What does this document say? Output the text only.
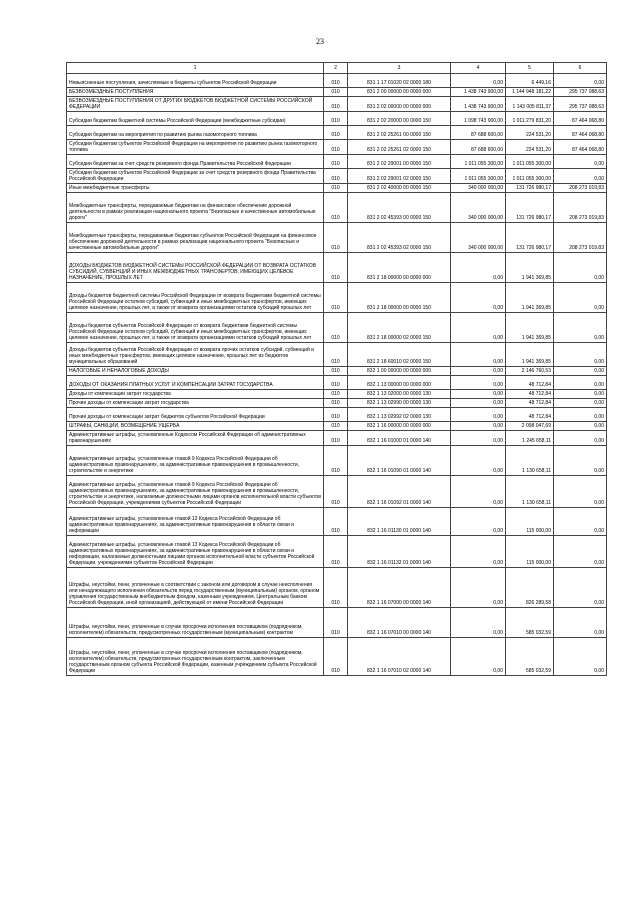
23
1	2	3	4	5	6
Невыясненные поступления, зачисляемые в бюджеты субъектов Российской Федерации	010	831 1 17 01020 02 0000 180	0,00	6 449,16	0,00
БЕЗВОЗМЕЗДНЫЕ ПОСТУПЛЕНИЯ	010	831 2 00 00000 00 0000 000	1 438 743 900,00	1 144 948 181,22	295 737 088,63
БЕЗВОЗМЕЗДНЫЕ ПОСТУПЛЕНИЯ ОТ ДРУГИХ БЮДЖЕТОВ БЮДЖЕТНОЙ СИСТЕМЫ РОССИЙСКОЙ ФЕДЕРАЦИИ	010	831 2 02 00000 00 0000 000	1 438 743 900,00	1 143 005 811,37	295 737 088,63
Субсидии бюджетам бюджетной системы Российской Федерации (межбюджетные субсидии)	010	831 2 02 20000 00 0000 150	1 098 743 900,00	1 011 279 831,20	87 464 068,80
Субсидии бюджетам на мероприятия по развитию рынка газомоторного топлива	010	831 2 02 25261 00 0000 150	87 688 600,00	224 531,20	87 464 068,80
Субсидии бюджетам субъектов Российской Федерации на мероприятия по развитию рынка газомоторного топлива	010	831 2 02 25261 02 0000 150	87 688 600,00	224 531,20	87 464 068,80
Субсидии бюджетам за счет средств резервного фонда Правительства Российской Федерации	010	831 2 02 29001 00 0000 150	1 011 055 300,00	1 011 055 300,00	0,00
Субсидии бюджетам субъектов Российской Федерации за счет средств резервного фонда Правительства Российской Федерации	010	831 2 02 29001 02 0000 150	1 011 055 300,00	1 011 055 300,00	0,00
Иные межбюджетные трансферты	010	831 2 02 40000 00 0000 150	340 000 000,00	131 726 980,17	208 273 019,83
Межбюджетные трансферты, передаваемые бюджетам на финансовое обеспечение дорожной деятельности в рамках реализации национального проекта "Безопасные и качественные автомобильные дороги"	010	831 2 02 45393 00 0000 150	340 000 000,00	131 726 980,17	208 273 019,83
Межбюджетные трансферты, передаваемые бюджетам субъектов Российской Федерации на финансовое обеспечение дорожной деятельности в рамках реализации национального проекта "Безопасные и качественные автомобильные дороги"	010	831 2 02 45393 02 0000 150	340 000 000,00	131 726 980,17	208 273 019,83
ДОХОДЫ БЮДЖЕТОВ БЮДЖЕТНОЙ СИСТЕМЫ РОССИЙСКОЙ ФЕДЕРАЦИИ ОТ ВОЗВРАТА ОСТАТКОВ СУБСИДИЙ, СУБВЕНЦИЙ И ИНЫХ МЕЖБЮДЖЕТНЫХ ТРАНСФЕРТОВ, ИМЕЮЩИХ ЦЕЛЕВОЕ НАЗНАЧЕНИЕ, ПРОШЛЫХ ЛЕТ	010	831 2 18 00000 00 0000 000	0,00	1 941 369,85	0,00
Доходы бюджетов бюджетной системы Российской Федерации от возврата бюджетами бюджетной системы Российской Федерации остатков субсидий, субвенций и иных межбюджетных трансфертов, имеющих целевое назначение, прошлых лет, а также от возврата организациями остатков субсидий прошлых лет	010	831 2 18 00000 00 0000 150	0,00	1 941 369,85	0,00
Доходы бюджетов субъектов Российской Федерации от возврата бюджетами бюджетной системы Российской Федерации остатков субсидий, субвенций и иных межбюджетных трансфертов, имеющих целевое назначение, прошлых лет, а также от возврата организациями остатков субсидий прошлых лет	010	831 2 18 00000 02 0000 150	0,00	1 941 369,85	0,00
Доходы бюджетов субъектов Российской Федерации от возврата прочих остатков субсидий, субвенций и иных межбюджетных трансфертов, имеющих целевое назначение, прошлых лет из бюджетов муниципальных образований	010	831 2 18 60010 02 0000 150	0,00	1 941 369,85	0,00
НАЛОГОВЫЕ И НЕНАЛОГОВЫЕ ДОХОДЫ	010	832 1 00 00000 00 0000 000	0,00	2 146 760,53	0,00
ДОХОДЫ ОТ ОКАЗАНИЯ ПЛАТНЫХ УСЛУГ И КОМПЕНСАЦИИ ЗАТРАТ ГОСУДАРСТВА	010	832 1 13 00000 00 0000 000	0,00	48 712,84	0,00
Доходы от компенсации затрат государства	010	832 1 13 02000 00 0000 130	0,00	48 712,84	0,00
Прочие доходы от компенсации затрат государства	010	832 1 13 02990 00 0000 130	0,00	48 712,84	0,00
Прочие доходы от компенсации затрат бюджетов субъектов Российской Федерации	010	832 1 13 02992 02 0000 130	0,00	48 712,84	0,00
ШТРАФЫ, САНКЦИИ, ВОЗМЕЩЕНИЕ УЩЕРБА	010	832 1 16 00000 00 0000 000	0,00	2 098 047,69	0,00
Административные штрафы, установленные Кодексом Российской Федерации об административных правонарушениях	010	832 1 16 01000 01 0000 140	0,00	1 245 658,11	0,00
Административные штрафы, установленные главой 9 Кодекса Российской Федерации об административных правонарушениях, за административные правонарушения в промышленности, строительстве и энергетике	010	832 1 16 01090 01 0000 140	0,00	1 130 658,11	0,00
Административные штрафы, установленные главой 9 Кодекса Российской Федерации об административных правонарушениях, за административные правонарушения в промышленности, строительстве и энергетике, налагаемые должностными лицами органов исполнительной власти субъектов Российской Федерации, учреждениями субъектов Российской Федерации	010	832 1 16 01092 01 0000 140	0,00	1 130 658,11	0,00
Административные штрафы, установленные главой 13 Кодекса Российской Федерации об административных правонарушениях, за административные правонарушения в области связи и информации	010	832 1 16 01130 01 0000 140	0,00	115 000,00	0,00
Административные штрафы, установленные главой 13 Кодекса Российской Федерации об административных правонарушениях, за административные правонарушения в области связи и информации, налагаемые должностными лицами органов исполнительной власти субъектов Российской Федерации, учреждениями субъектов Российской Федерации	010	832 1 16 01132 01 0000 140	0,00	115 000,00	0,00
Штрафы, неустойки, пени, уплаченные в соответствии с законом или договором в случае неисполнения или ненадлежащего исполнения обязательств перед государственным (муниципальным) органом, органом управления государственным внебюджетным фондом, казенным учреждением, Центральным банком Российской Федерации, иной организацией, действующей от имени Российской Федерации	010	832 1 16 07000 00 0000 140	0,00	826 289,58	0,00
Штрафы, неустойки, пени, уплаченные в случае просрочки исполнения поставщиком (подрядчиком, исполнителем) обязательств, предусмотренных государственным (муниципальным) контрактом	010	832 1 16 07010 00 0000 140	0,00	585 032,59	0,00
Штрафы, неустойки, пени, уплаченные в случае просрочки исполнения поставщиком (подрядчиком, исполнителем) обязательств, предусмотренных государственным контрактом, заключенным государственным органом субъекта Российской Федерации, казенным учреждением субъекта Российской Федерации	010	832 1 16 07010 02 0000 140	0,00	585 032,59	0,00
